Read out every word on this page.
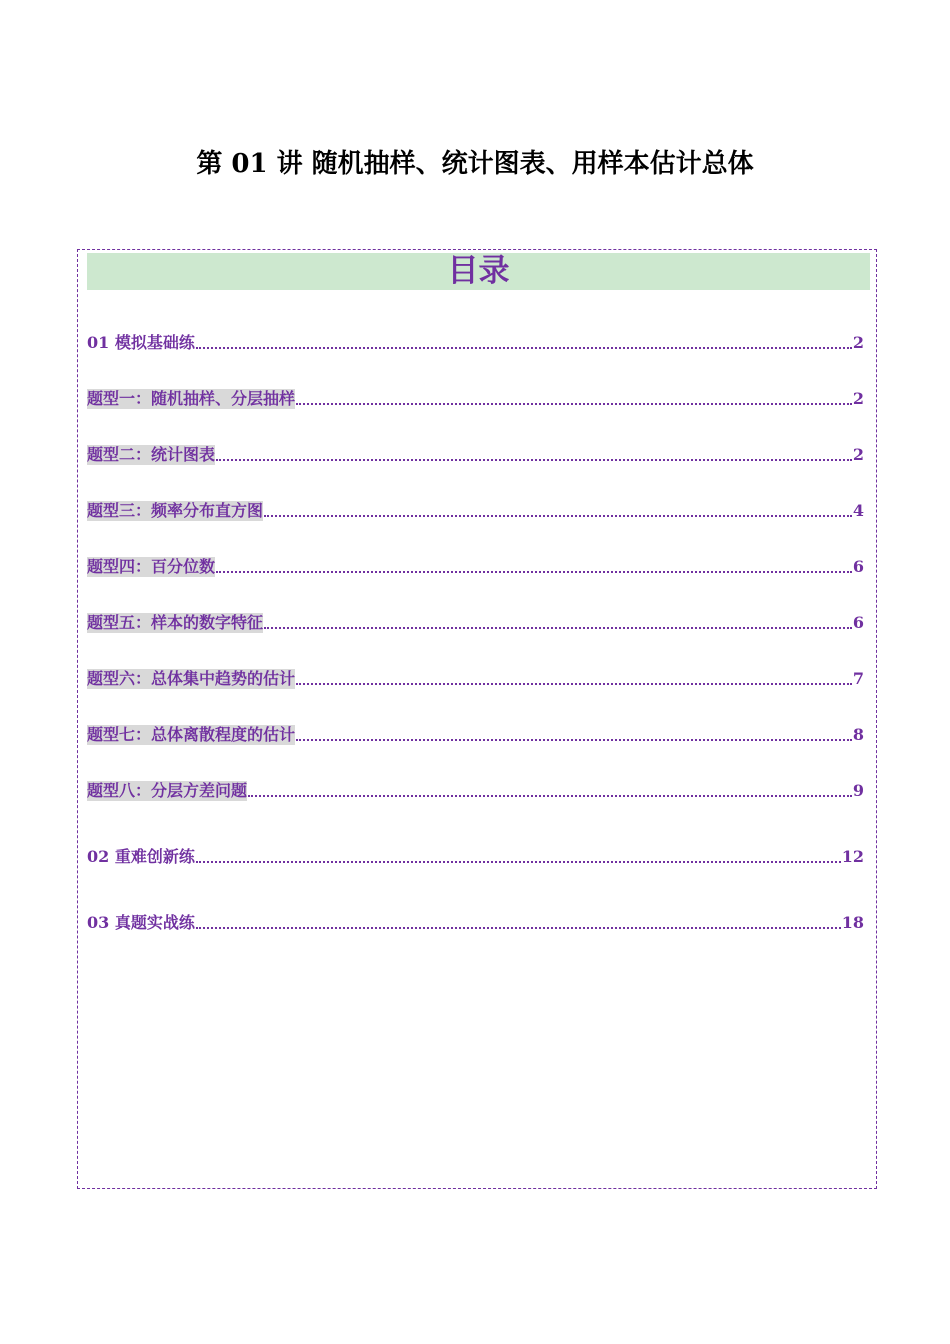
第 01 讲 随机抽样、统计图表、用样本估计总体
目录
01 模拟基础练	2
题型一：随机抽样、分层抽样	2
题型二：统计图表	2
题型三：频率分布直方图	4
题型四：百分位数	6
题型五：样本的数字特征	6
题型六：总体集中趋势的估计	7
题型七：总体离散程度的估计	8
题型八：分层方差问题	9
02 重难创新练	12
03 真题实战练	18
